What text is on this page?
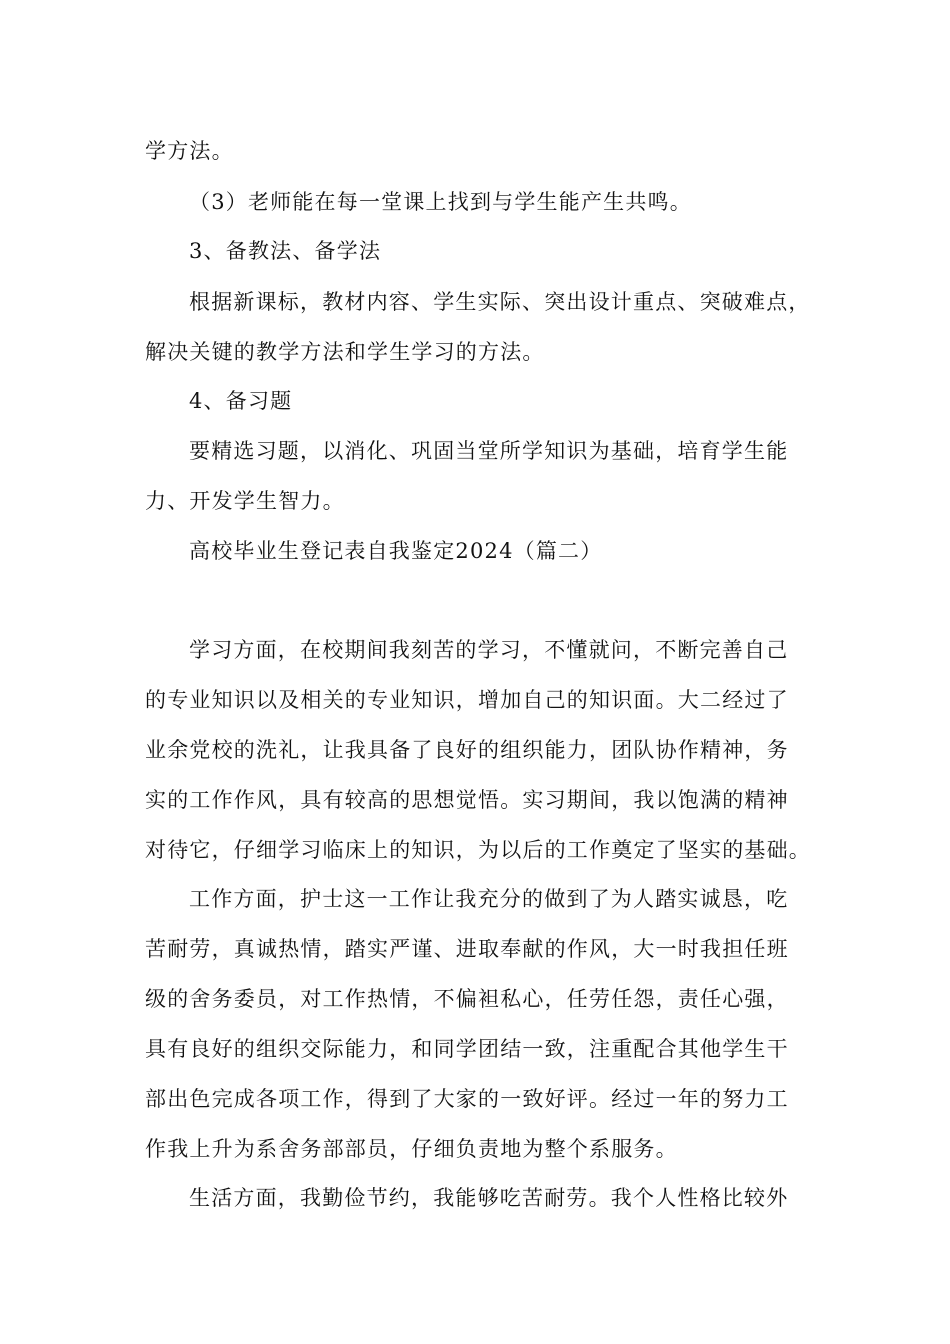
学方法。
（3）老师能在每一堂课上找到与学生能产生共鸣。
3、备教法、备学法
根据新课标，教材内容、学生实际、突出设计重点、突破难点，
解决关键的教学方法和学生学习的方法。
4、备习题
要精选习题，以消化、巩固当堂所学知识为基础，培育学生能
力、开发学生智力。
高校毕业生登记表自我鉴定2024（篇二）
学习方面，在校期间我刻苦的学习，不懂就问，不断完善自己
的专业知识以及相关的专业知识，增加自己的知识面。大二经过了
业余党校的洗礼，让我具备了良好的组织能力，团队协作精神，务
实的工作作风，具有较高的思想觉悟。实习期间，我以饱满的精神
对待它，仔细学习临床上的知识，为以后的工作奠定了坚实的基础。
工作方面，护士这一工作让我充分的做到了为人踏实诚恳，吃
苦耐劳，真诚热情，踏实严谨、进取奉献的作风，大一时我担任班
级的舍务委员，对工作热情，不偏袒私心，任劳任怨，责任心强，
具有良好的组织交际能力，和同学团结一致，注重配合其他学生干
部出色完成各项工作，得到了大家的一致好评。经过一年的努力工
作我上升为系舍务部部员，仔细负责地为整个系服务。
生活方面，我勤俭节约，我能够吃苦耐劳。我个人性格比较外
